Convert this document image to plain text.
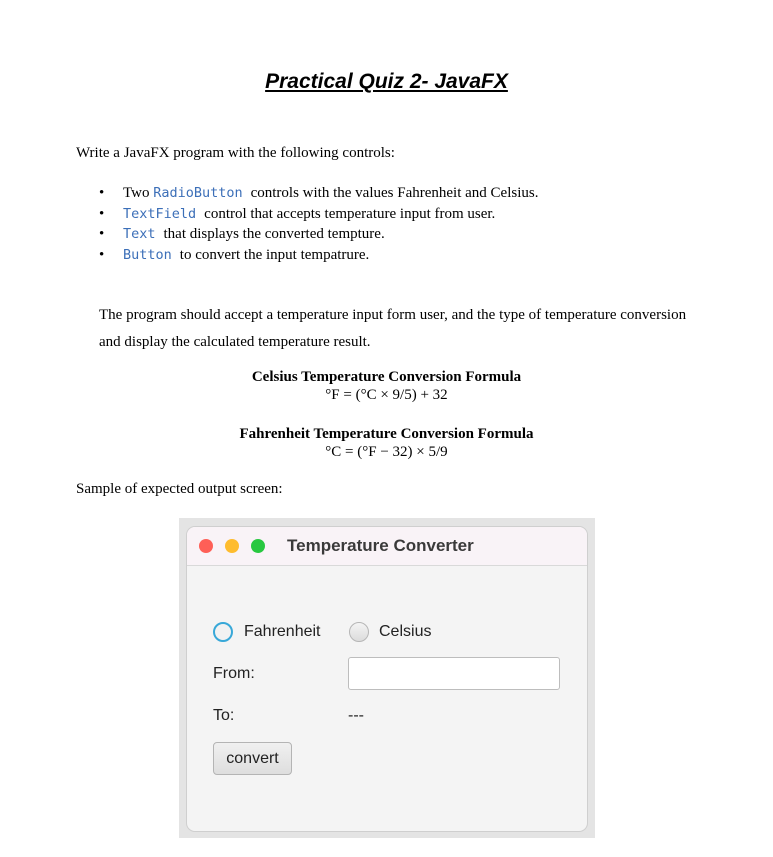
Practical Quiz 2- JavaFX
Write a JavaFX program with the following controls:
• Two RadioButton controls with the values Fahrenheit and Celsius.
• TextField control that accepts temperature input from user.
• Text that displays the converted tempture.
• Button to convert the input tempatrure.
The program should accept a temperature input form user, and the type of temperature conversion and display the calculated temperature result.
Celsius Temperature Conversion Formula
°F = (°C × 9/5) + 32
Fahrenheit Temperature Conversion Formula
°C = (°F − 32) × 5/9
Sample of expected output screen:
Temperature Converter
Fahrenheit	Celsius
From:
To:	---
convert
